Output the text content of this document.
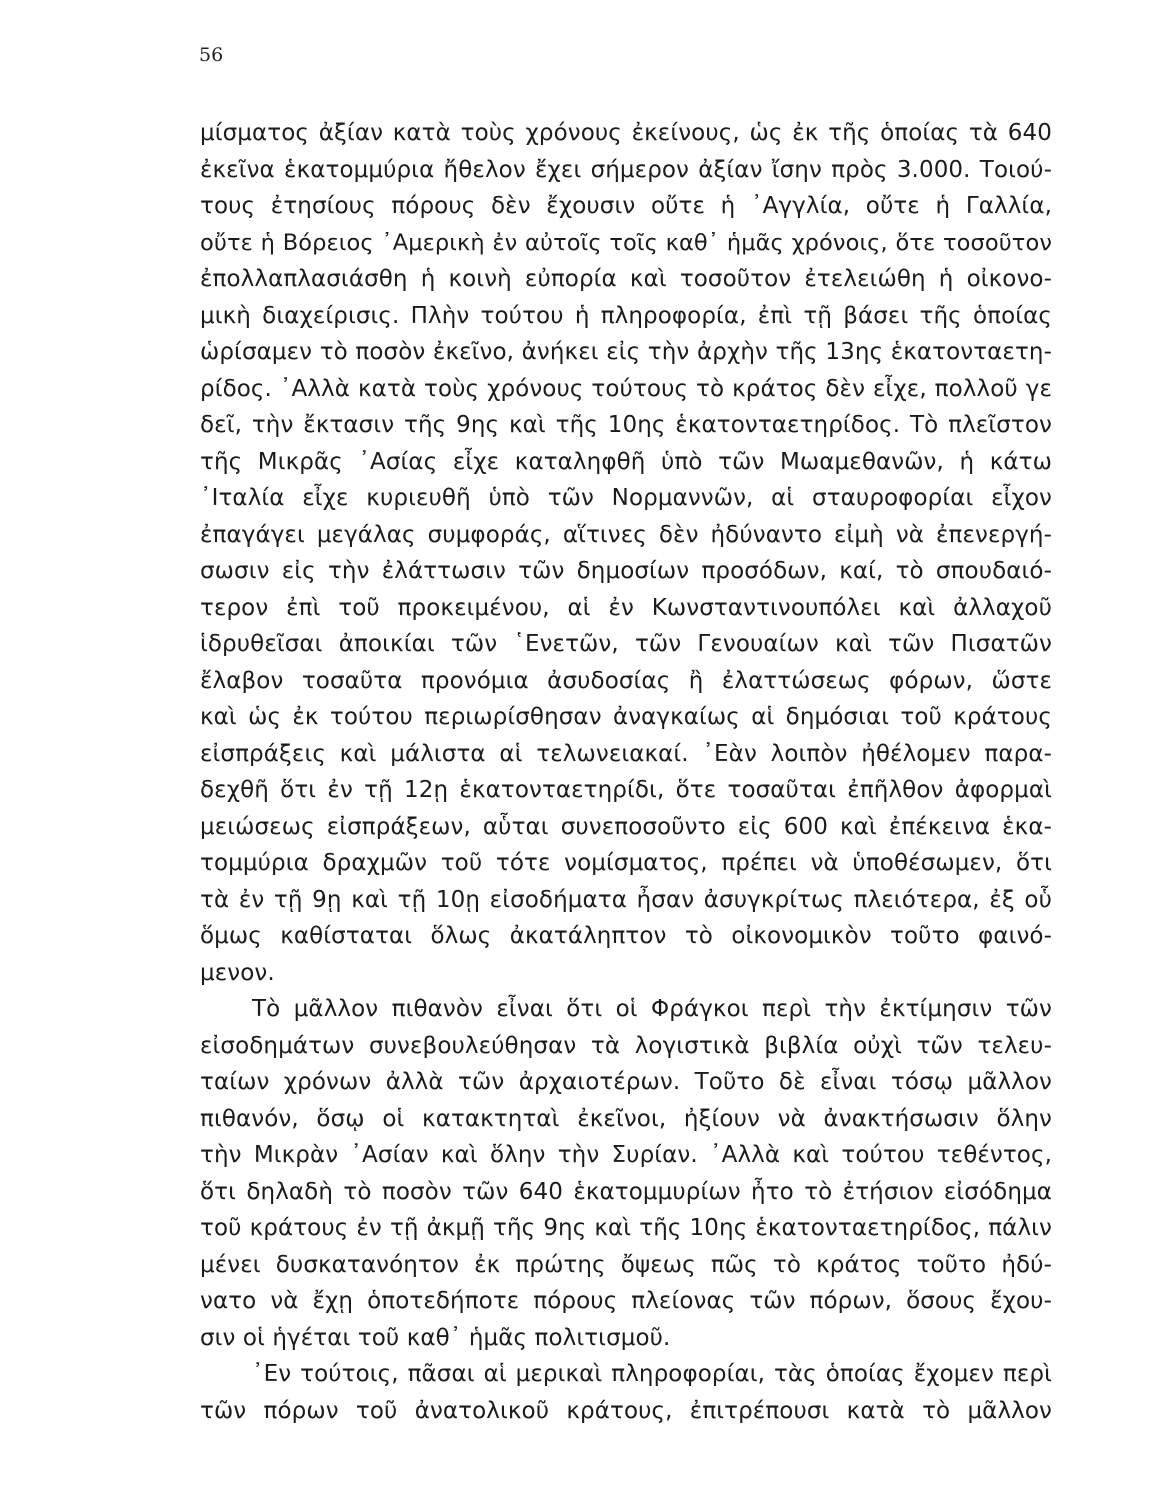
56
μίσματος ἀξίαν κατὰ τοὺς χρόνους ἐκείνους, ὡς ἐκ τῆς ὁποίας τὰ 640
ἐκεῖνα ἑκατομμύρια ἤθελον ἔχει σήμερον ἀξίαν ἴσην πρὸς 3.000. Τοιού-
τους ἐτησίους πόρους δὲν ἔχουσιν οὔτε ἡ ᾿Αγγλία, οὔτε ἡ Γαλλία,
οὔτε ἡ Βόρειος ᾿Αμερικὴ ἐν αὐτοῖς τοῖς καθ᾿ ἡμᾶς χρόνοις, ὅτε τοσοῦτον
ἐπολλαπλασιάσθη ἡ κοινὴ εὐπορία καὶ τοσοῦτον ἐτελειώθη ἡ οἰκονο-
μικὴ διαχείρισις. Πλὴν τούτου ἡ πληροφορία, ἐπὶ τῇ βάσει τῆς ὁποίας
ὡρίσαμεν τὸ ποσὸν ἐκεῖνο, ἀνήκει εἰς τὴν ἀρχὴν τῆς 13ης ἑκατονταετη-
ρίδος. ᾿Αλλὰ κατὰ τοὺς χρόνους τούτους τὸ κράτος δὲν εἶχε, πολλοῦ γε
δεῖ, τὴν ἔκτασιν τῆς 9ης καὶ τῆς 10ης ἑκατονταετηρίδος. Τὸ πλεῖστον
τῆς Μικρᾶς ᾿Ασίας εἶχε καταληφθῆ ὑπὸ τῶν Μωαμεθανῶν, ἡ κάτω
᾿Ιταλία εἶχε κυριευθῆ ὑπὸ τῶν Νορμαννῶν, αἱ σταυροφορίαι εἶχον
ἐπαγάγει μεγάλας συμφοράς, αἵτινες δὲν ἠδύναντο εἰμὴ νὰ ἐπενεργή-
σωσιν εἰς τὴν ἐλάττωσιν τῶν δημοσίων προσόδων, καί, τὸ σπουδαιό-
τερον ἐπὶ τοῦ προκειμένου, αἱ ἐν Κωνσταντινουπόλει καὶ ἀλλαχοῦ
ἱδρυθεῖσαι ἀποικίαι τῶν ῾Ενετῶν, τῶν Γενουαίων καὶ τῶν Πισατῶν
ἔλαβον τοσαῦτα προνόμια ἀσυδοσίας ἢ ἐλαττώσεως φόρων, ὥστε
καὶ ὡς ἐκ τούτου περιωρίσθησαν ἀναγκαίως αἱ δημόσιαι τοῦ κράτους
εἰσπράξεις καὶ μάλιστα αἱ τελωνειακαί. ᾿Εὰν λοιπὸν ἠθέλομεν παρα-
δεχθῆ ὅτι ἐν τῇ 12ῃ ἑκατονταετηρίδι, ὅτε τοσαῦται ἐπῆλθον ἀφορμαὶ
μειώσεως εἰσπράξεων, αὗται συνεποσοῦντο εἰς 600 καὶ ἐπέκεινα ἑκα-
τομμύρια δραχμῶν τοῦ τότε νομίσματος, πρέπει νὰ ὑποθέσωμεν, ὅτι
τὰ ἐν τῇ 9ῃ καὶ τῇ 10ῃ εἰσοδήματα ἦσαν ἀσυγκρίτως πλειότερα, ἐξ οὗ
ὅμως καθίσταται ὅλως ἀκατάληπτον τὸ οἰκονομικὸν τοῦτο φαινό-
μενον.
Τὸ μᾶλλον πιθανὸν εἶναι ὅτι οἱ Φράγκοι περὶ τὴν ἐκτίμησιν τῶν
εἰσοδημάτων συνεβουλεύθησαν τὰ λογιστικὰ βιβλία οὐχὶ τῶν τελευ-
ταίων χρόνων ἀλλὰ τῶν ἀρχαιοτέρων. Τοῦτο δὲ εἶναι τόσῳ μᾶλλον
πιθανόν, ὅσῳ οἱ κατακτηταὶ ἐκεῖνοι, ἠξίουν νὰ ἀνακτήσωσιν ὅλην
τὴν Μικρὰν ᾿Ασίαν καὶ ὅλην τὴν Συρίαν. ᾿Αλλὰ καὶ τούτου τεθέντος,
ὅτι δηλαδὴ τὸ ποσὸν τῶν 640 ἑκατομμυρίων ἦτο τὸ ἐτήσιον εἰσόδημα
τοῦ κράτους ἐν τῇ ἀκμῇ τῆς 9ης καὶ τῆς 10ης ἑκατονταετηρίδος, πάλιν
μένει δυσκατανόητον ἐκ πρώτης ὄψεως πῶς τὸ κράτος τοῦτο ἠδύ-
νατο νὰ ἔχῃ ὁποτεδήποτε πόρους πλείονας τῶν πόρων, ὅσους ἔχου-
σιν οἱ ἡγέται τοῦ καθ᾿ ἡμᾶς πολιτισμοῦ.
᾿Εν τούτοις, πᾶσαι αἱ μερικαὶ πληροφορίαι, τὰς ὁποίας ἔχομεν περὶ
τῶν πόρων τοῦ ἀνατολικοῦ κράτους, ἐπιτρέπουσι κατὰ τὸ μᾶλλον
